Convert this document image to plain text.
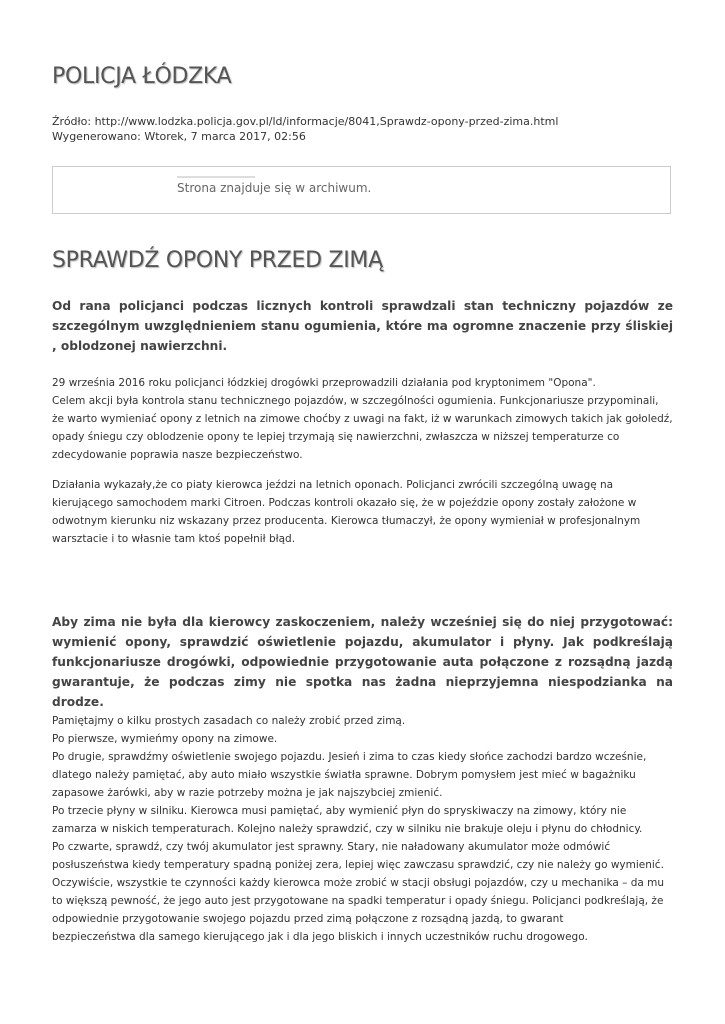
POLICJA ŁÓDZKA
Źródło: http://www.lodzka.policja.gov.pl/ld/informacje/8041,Sprawdz-opony-przed-zima.html
Wygenerowano: Wtorek, 7 marca 2017, 02:56
Strona znajduje się w archiwum.
SPRAWDŹ OPONY PRZED ZIMĄ

Od rana policjanci podczas licznych kontroli sprawdzali stan techniczny pojazdów ze szczególnym uwzględnieniem stanu ogumienia, które ma ogromne znaczenie przy śliskiej , oblodzonej nawierzchni.

29 września 2016 roku policjanci łódzkiej drogówki przeprowadzili działania pod kryptonimem "Opona".

Celem akcji była kontrola stanu technicznego pojazdów, w szczególności ogumienia. Funkcjonariusze przypominali, że warto wymieniać opony z letnich na zimowe choćby z uwagi na fakt, iż w warunkach zimowych takich jak gołoledź, opady śniegu czy oblodzenie opony te lepiej trzymają się nawierzchni, zwłaszcza w niższej temperaturze co zdecydowanie poprawia nasze bezpieczeństwo.

Działania wykazały,że co piaty kierowca jeździ na letnich oponach. Policjanci zwrócili szczególną uwagę na kierującego samochodem marki Citroen. Podczas kontroli okazało się, że w pojeździe opony zostały założone w odwotnym kierunku niz wskazany przez producenta. Kierowca tłumaczył, że opony wymieniał w profesjonalnym warsztacie i to własnie tam ktoś popełnił błąd.

Aby zima nie była dla kierowcy zaskoczeniem, należy wcześniej się do niej przygotować: wymienić opony, sprawdzić oświetlenie pojazdu, akumulator i płyny. Jak podkreślają funkcjonariusze drogówki, odpowiednie przygotowanie auta połączone z rozsądną jazdą gwarantuje, że podczas zimy nie spotka nas żadna nieprzyjemna niespodzianka na drodze.

Pamiętajmy o kilku prostych zasadach co należy zrobić przed zimą.

Po pierwsze, wymieńmy opony na zimowe.

Po drugie, sprawdźmy oświetlenie swojego pojazdu. Jesień i zima to czas kiedy słońce zachodzi bardzo wcześnie, dlatego należy pamiętać, aby auto miało wszystkie światła sprawne. Dobrym pomysłem jest mieć w bagażniku zapasowe żarówki, aby w razie potrzeby można je jak najszybciej zmienić.

Po trzecie płyny w silniku. Kierowca musi pamiętać, aby wymienić płyn do spryskiwaczy na zimowy, który nie zamarza w niskich temperaturach. Kolejno należy sprawdzić, czy w silniku nie brakuje oleju i płynu do chłodnicy.

Po czwarte, sprawdź, czy twój akumulator jest sprawny. Stary, nie naładowany akumulator może odmówić posłuszeństwa kiedy temperatury spadną poniżej zera, lepiej więc zawczasu sprawdzić, czy nie należy go wymienić.

Oczywiście, wszystkie te czynności każdy kierowca może zrobić w stacji obsługi pojazdów, czy u mechanika – da mu to większą pewność, że jego auto jest przygotowane na spadki temperatur i opady śniegu. Policjanci podkreślają, że odpowiednie przygotowanie swojego pojazdu przed zimą połączone z rozsądną jazdą, to gwarant

bezpieczeństwa dla samego kierującego jak i dla jego bliskich i innych uczestników ruchu drogowego.
